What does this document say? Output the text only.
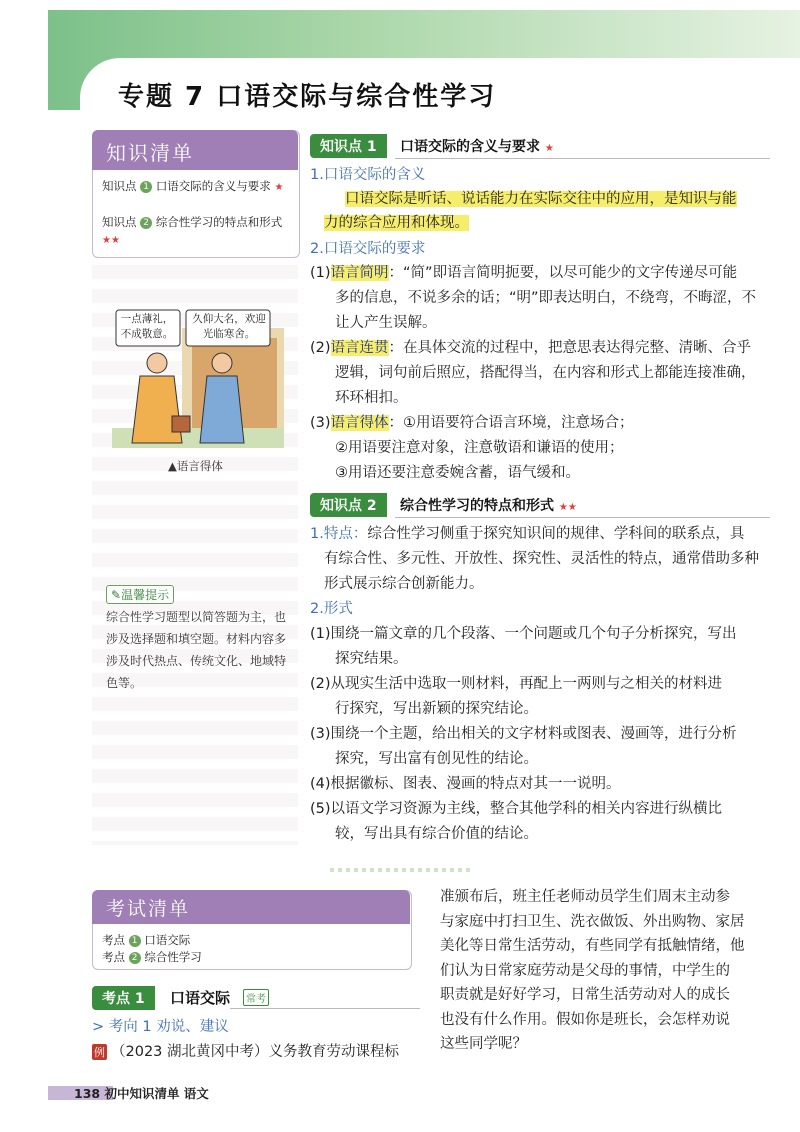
专题 7 口语交际与综合性学习
知识清单
知识点 1 口语交际的含义与要求 ★
知识点 2 综合性学习的特点和形式 ★★
一点薄礼，不成敬意。
久仰大名，欢迎光临寒舍。
▲语言得体
✎温馨提示
综合性学习题型以简答题为主，也涉及选择题和填空题。材料内容多涉及时代热点、传统文化、地域特色等。
知识点 1	口语交际的含义与要求 ★
1.口语交际的含义
口语交际是听话、说话能力在实际交往中的应用，是知识与能
力的综合应用和体现。
2.口语交际的要求
(1)语言简明：“简”即语言简明扼要，以尽可能少的文字传递尽可能
多的信息，不说多余的话；“明”即表达明白，不绕弯，不晦涩，不
让人产生误解。
(2)语言连贯：在具体交流的过程中，把意思表达得完整、清晰、合乎
逻辑，词句前后照应，搭配得当，在内容和形式上都能连接准确，
环环相扣。
(3)语言得体：①用语要符合语言环境，注意场合；
②用语要注意对象，注意敬语和谦语的使用；
③用语还要注意委婉含蓄，语气缓和。
知识点 2	综合性学习的特点和形式 ★★
1.特点：综合性学习侧重于探究知识间的规律、学科间的联系点，具
有综合性、多元性、开放性、探究性、灵活性的特点，通常借助多种
形式展示综合创新能力。
2.形式
(1)围绕一篇文章的几个段落、一个问题或几个句子分析探究，写出
探究结果。
(2)从现实生活中选取一则材料，再配上一两则与之相关的材料进
行探究，写出新颖的探究结论。
(3)围绕一个主题，给出相关的文字材料或图表、漫画等，进行分析
探究，写出富有创见性的结论。
(4)根据徽标、图表、漫画的特点对其一一说明。
(5)以语文学习资源为主线，整合其他学科的相关内容进行纵横比
较，写出具有综合价值的结论。
考试清单
考点 1 口语交际
考点 2 综合性学习
考点 1	口语交际	常考
> 考向 1 劝说、建议
例 （2023 湖北黄冈中考）义务教育劳动课程标
准颁布后，班主任老师动员学生们周末主动参
与家庭中打扫卫生、洗衣做饭、外出购物、家居
美化等日常生活劳动，有些同学有抵触情绪，他
们认为日常家庭劳动是父母的事情，中学生的
职责就是好好学习，日常生活劳动对人的成长
也没有什么作用。假如你是班长，会怎样劝说
这些同学呢？
138 初中知识清单 语文
